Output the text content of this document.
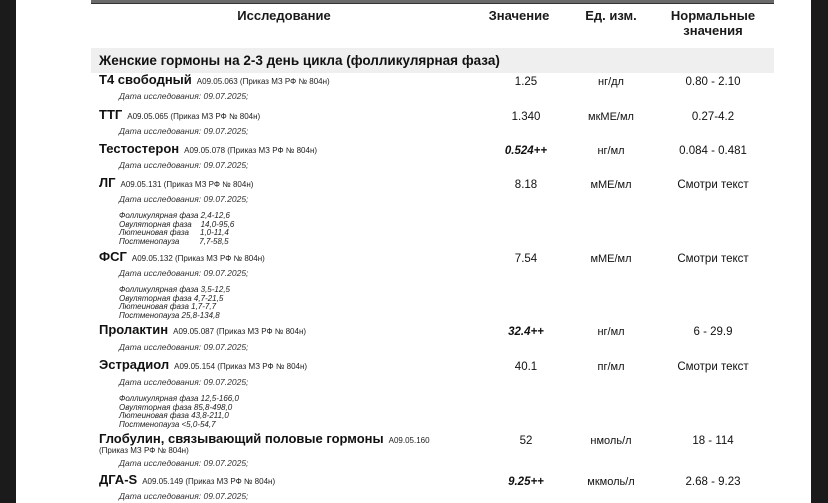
Исследование	Значение	Ед. изм.	Нормальные
значения
Женские гормоны на 2-3 день цикла (фолликулярная фаза)
Т4 свободный A09.05.063 (Приказ МЗ РФ № 804н)
Дата исследования: 09.07.2025;
1.25	нг/дл	0.80 - 2.10
ТТГ A09.05.065 (Приказ МЗ РФ № 804н)
Дата исследования: 09.07.2025;
1.340	мкМЕ/мл	0.27-4.2
Тестостерон A09.05.078 (Приказ МЗ РФ № 804н)
Дата исследования: 09.07.2025;
0.524++	нг/мл	0.084 - 0.481
ЛГ A09.05.131 (Приказ МЗ РФ № 804н)
Дата исследования: 09.07.2025;
Фолликулярная фаза 2,4-12,6
Овуляторная фаза    14,0-95,6
Лютеиновая фаза     1,0-11,4
Постменопауза         7,7-58,5
8.18	мМЕ/мл	Смотри текст
ФСГ A09.05.132 (Приказ МЗ РФ № 804н)
Дата исследования: 09.07.2025;
Фолликулярная фаза 3,5-12,5
Овуляторная фаза 4,7-21,5
Лютеиновая фаза 1,7-7,7
Постменопауза 25,8-134,8
7.54	мМЕ/мл	Смотри текст
Пролактин A09.05.087 (Приказ МЗ РФ № 804н)
Дата исследования: 09.07.2025;
32.4++	нг/мл	6 - 29.9
Эстрадиол A09.05.154 (Приказ МЗ РФ № 804н)
Дата исследования: 09.07.2025;
Фолликулярная фаза 12,5-166,0
Овуляторная фаза 85,8-498,0
Лютеиновая фаза 43,8-211,0
Постменопауза <5,0-54,7
40.1	пг/мл	Смотри текст
Глобулин, связывающий половые гормоны A09.05.160 (Приказ МЗ РФ № 804н)
Дата исследования: 09.07.2025;
52	нмоль/л	18 - 114
ДГА-S A09.05.149 (Приказ МЗ РФ № 804н)
Дата исследования: 09.07.2025;
9.25++	мкмоль/л	2.68 - 9.23
